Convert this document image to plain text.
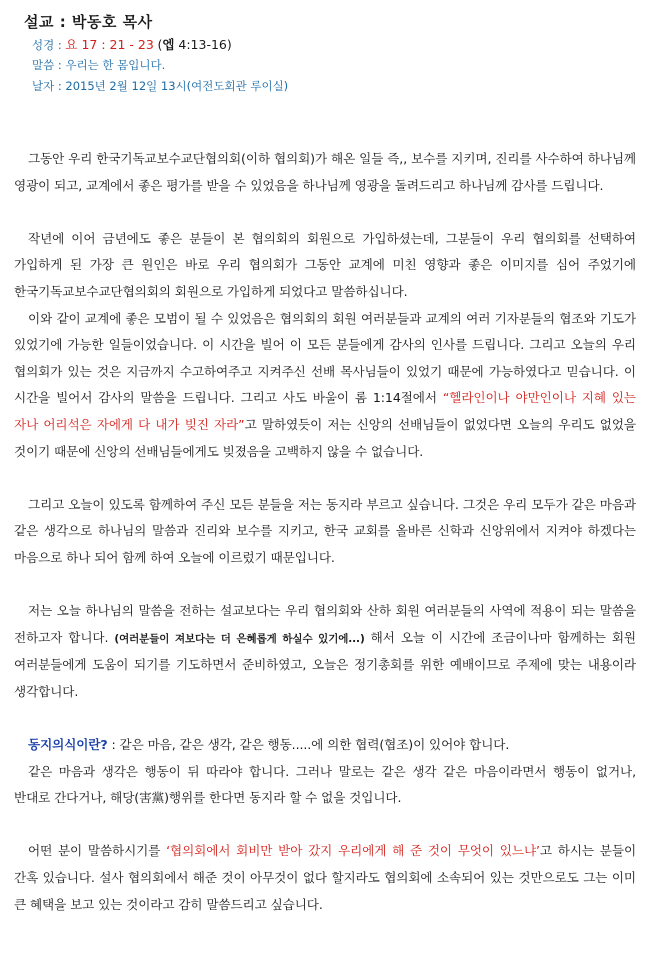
설교 : 박동호 목사
성경 : 요 17 : 21 - 23 (엡 4:13-16)
말씀 : 우리는 한 몸입니다.
날자 : 2015년 2월 12일 13시(여전도회관 루이실)

그동안 우리 한국기독교보수교단협의회(이하 협의회)가 해온 일들 즉,, 보수를 지키며, 진리를 사수하여 하나님께 영광이 되고, 교계에서 좋은 평가를 받을 수 있었음을 하나님께 영광을 돌려드리고 하나님께 감사를 드립니다.

작년에 이어 금년에도 좋은 분들이 본 협의회의 회원으로 가입하셨는데, 그분들이 우리 협의회를 선택하여 가입하게 된 가장 큰 원인은 바로 우리 협의회가 그동안 교계에 미친 영향과 좋은 이미지를 심어 주었기에 한국기독교보수교단협의회의 회원으로 가입하게 되었다고 말씀하십니다.

이와 같이 교계에 좋은 모범이 될 수 있었음은 협의회의 회원 여러분들과 교계의 여러 기자분들의 협조와 기도가 있었기에 가능한 일들이었습니다. 이 시간을 빌어 이 모든 분들에게 감사의 인사를 드립니다. 그리고 오늘의 우리 협의회가 있는 것은 지금까지 수고하여주고 지켜주신 선배 목사님들이 있었기 때문에 가능하였다고 믿습니다. 이 시간을 빌어서 감사의 말씀을 드립니다. 그리고 사도 바울이 롬 1:14절에서 “헬라인이나 야만인이나 지혜 있는 자나 어리석은 자에게 다 내가 빚진 자라”고 말하였듯이 저는 신앙의 선배님들이 없었다면 오늘의 우리도 없었을 것이기 때문에 신앙의 선배님들에게도 빚졌음을 고백하지 않을 수 없습니다.

그리고 오늘이 있도록 함께하여 주신 모든 분들을 저는 동지라 부르고 싶습니다. 그것은 우리 모두가 같은 마음과 같은 생각으로 하나님의 말씀과 진리와 보수를 지키고, 한국 교회를 올바른 신학과 신앙위에서 지켜야 하겠다는 마음으로 하나 되어 함께 하여 오늘에 이르렀기 때문입니다.

저는 오늘 하나님의 말씀을 전하는 설교보다는 우리 협의회와 산하 회원 여러분들의 사역에 적용이 되는 말씀을 전하고자 합니다. (여러분들이 져보다는 더 은혜롭게 하실수 있기에...) 해서 오늘 이 시간에 조금이나마 함께하는 회원 여러분들에게 도움이 되기를 기도하면서 준비하였고, 오늘은 정기총회를 위한 예배이므로 주제에 맞는 내용이라 생각합니다.

동지의식이란? : 같은 마음, 같은 생각, 같은 행동.....에 의한 협력(협조)이 있어야 합니다.

같은 마음과 생각은 행동이 뒤 따라야 합니다. 그러나 말로는 같은 생각 같은 마음이라면서 행동이 없거나, 반대로 간다거나, 해당(害黨)행위를 한다면 동지라 할 수 없을 것입니다.

어떤 분이 말씀하시기를 ‘협의회에서 회비만 받아 갔지 우리에게 해 준 것이 무엇이 있느냐’고 하시는 분들이 간혹 있습니다. 설사 협의회에서 해준 것이 아무것이 없다 할지라도 협의회에 소속되어 있는 것만으로도 그는 이미 큰 혜택을 보고 있는 것이라고 감히 말씀드리고 싶습니다.
